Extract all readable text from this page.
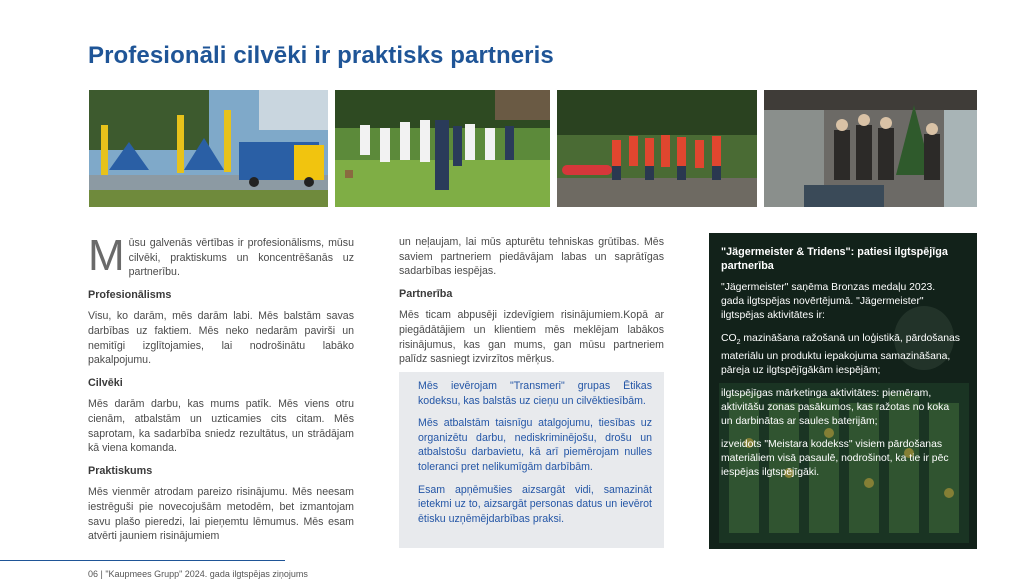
Profesionāli cilvēki ir praktisks partneris

Mūsu galvenās vērtības ir profesionālisms, mūsu cilvēki, praktiskums un koncentrēšanās uz partnerību.

Profesionālisms

Visu, ko darām, mēs darām labi. Mēs balstām savas darbības uz faktiem. Mēs neko nedarām pavirši un nemitīgi izglītojamies, lai nodrošinātu labāko pakalpojumu.

Cilvēki

Mēs darām darbu, kas mums patīk. Mēs viens otru cienām, atbalstām un uzticamies cits citam. Mēs saprotam, ka sadarbība sniedz rezultātus, un strādājam kā viena komanda.

Praktiskums

Mēs vienmēr atrodam pareizo risinājumu. Mēs neesam iestrēguši pie novecojušām metodēm, bet izmantojam savu plašo pieredzi, lai pieņemtu lēmumus. Mēs esam atvērti jauniem risinājumiem

un neļaujam, lai mūs apturētu tehniskas grūtības. Mēs saviem partneriem piedāvājam labas un saprātīgas sadarbības iespējas.

Partnerība

Mēs ticam abpusēji izdevīgiem risinājumiem.Kopā ar piegādātājiem un klientiem mēs meklējam labākos risinājumus, kas gan mums, gan mūsu partneriem palīdz sasniegt izvirzītos mērķus.

Mēs ievērojam "Transmeri" grupas Ētikas kodeksu, kas balstās uz cieņu un cilvēktiesībām.

Mēs atbalstām taisnīgu atalgojumu, tiesības uz organizētu darbu, nediskriminējošu, drošu un atbalstošu darbavietu, kā arī piemērojam nulles toleranci pret nelikumīgām darbībām.

Esam apņēmušies aizsargāt vidi, samazināt ietekmi uz to, aizsargāt personas datus un ievērot ētisku uzņēmējdarbības praksi.

"Jägermeister & Tridens": patiesi ilgtspējīga partnerība

"Jägermeister" saņēma Bronzas medaļu 2023. gada ilgtspējas novērtējumā. "Jägermeister" ilgtspējas aktivitātes ir:

$CO_2$ mazināšana ražošanā un loģistikā, pārdošanas materiālu un produktu iepakojuma samazināšana, pāreja uz ilgtspējīgākām iespējām;

ilgtspējīgas mārketinga aktivitātes: piemēram, aktivitāšu zonas pasākumos, kas ražotas no koka un darbinātas ar saules baterijām;

izveidots "Meistara kodekss" visiem pārdošanas materiāliem visā pasaulē, nodrošinot, ka tie ir pēc iespējas ilgtspējīgāki.

06 | "Kaupmees Grupp" 2024. gada ilgtspējas ziņojums
